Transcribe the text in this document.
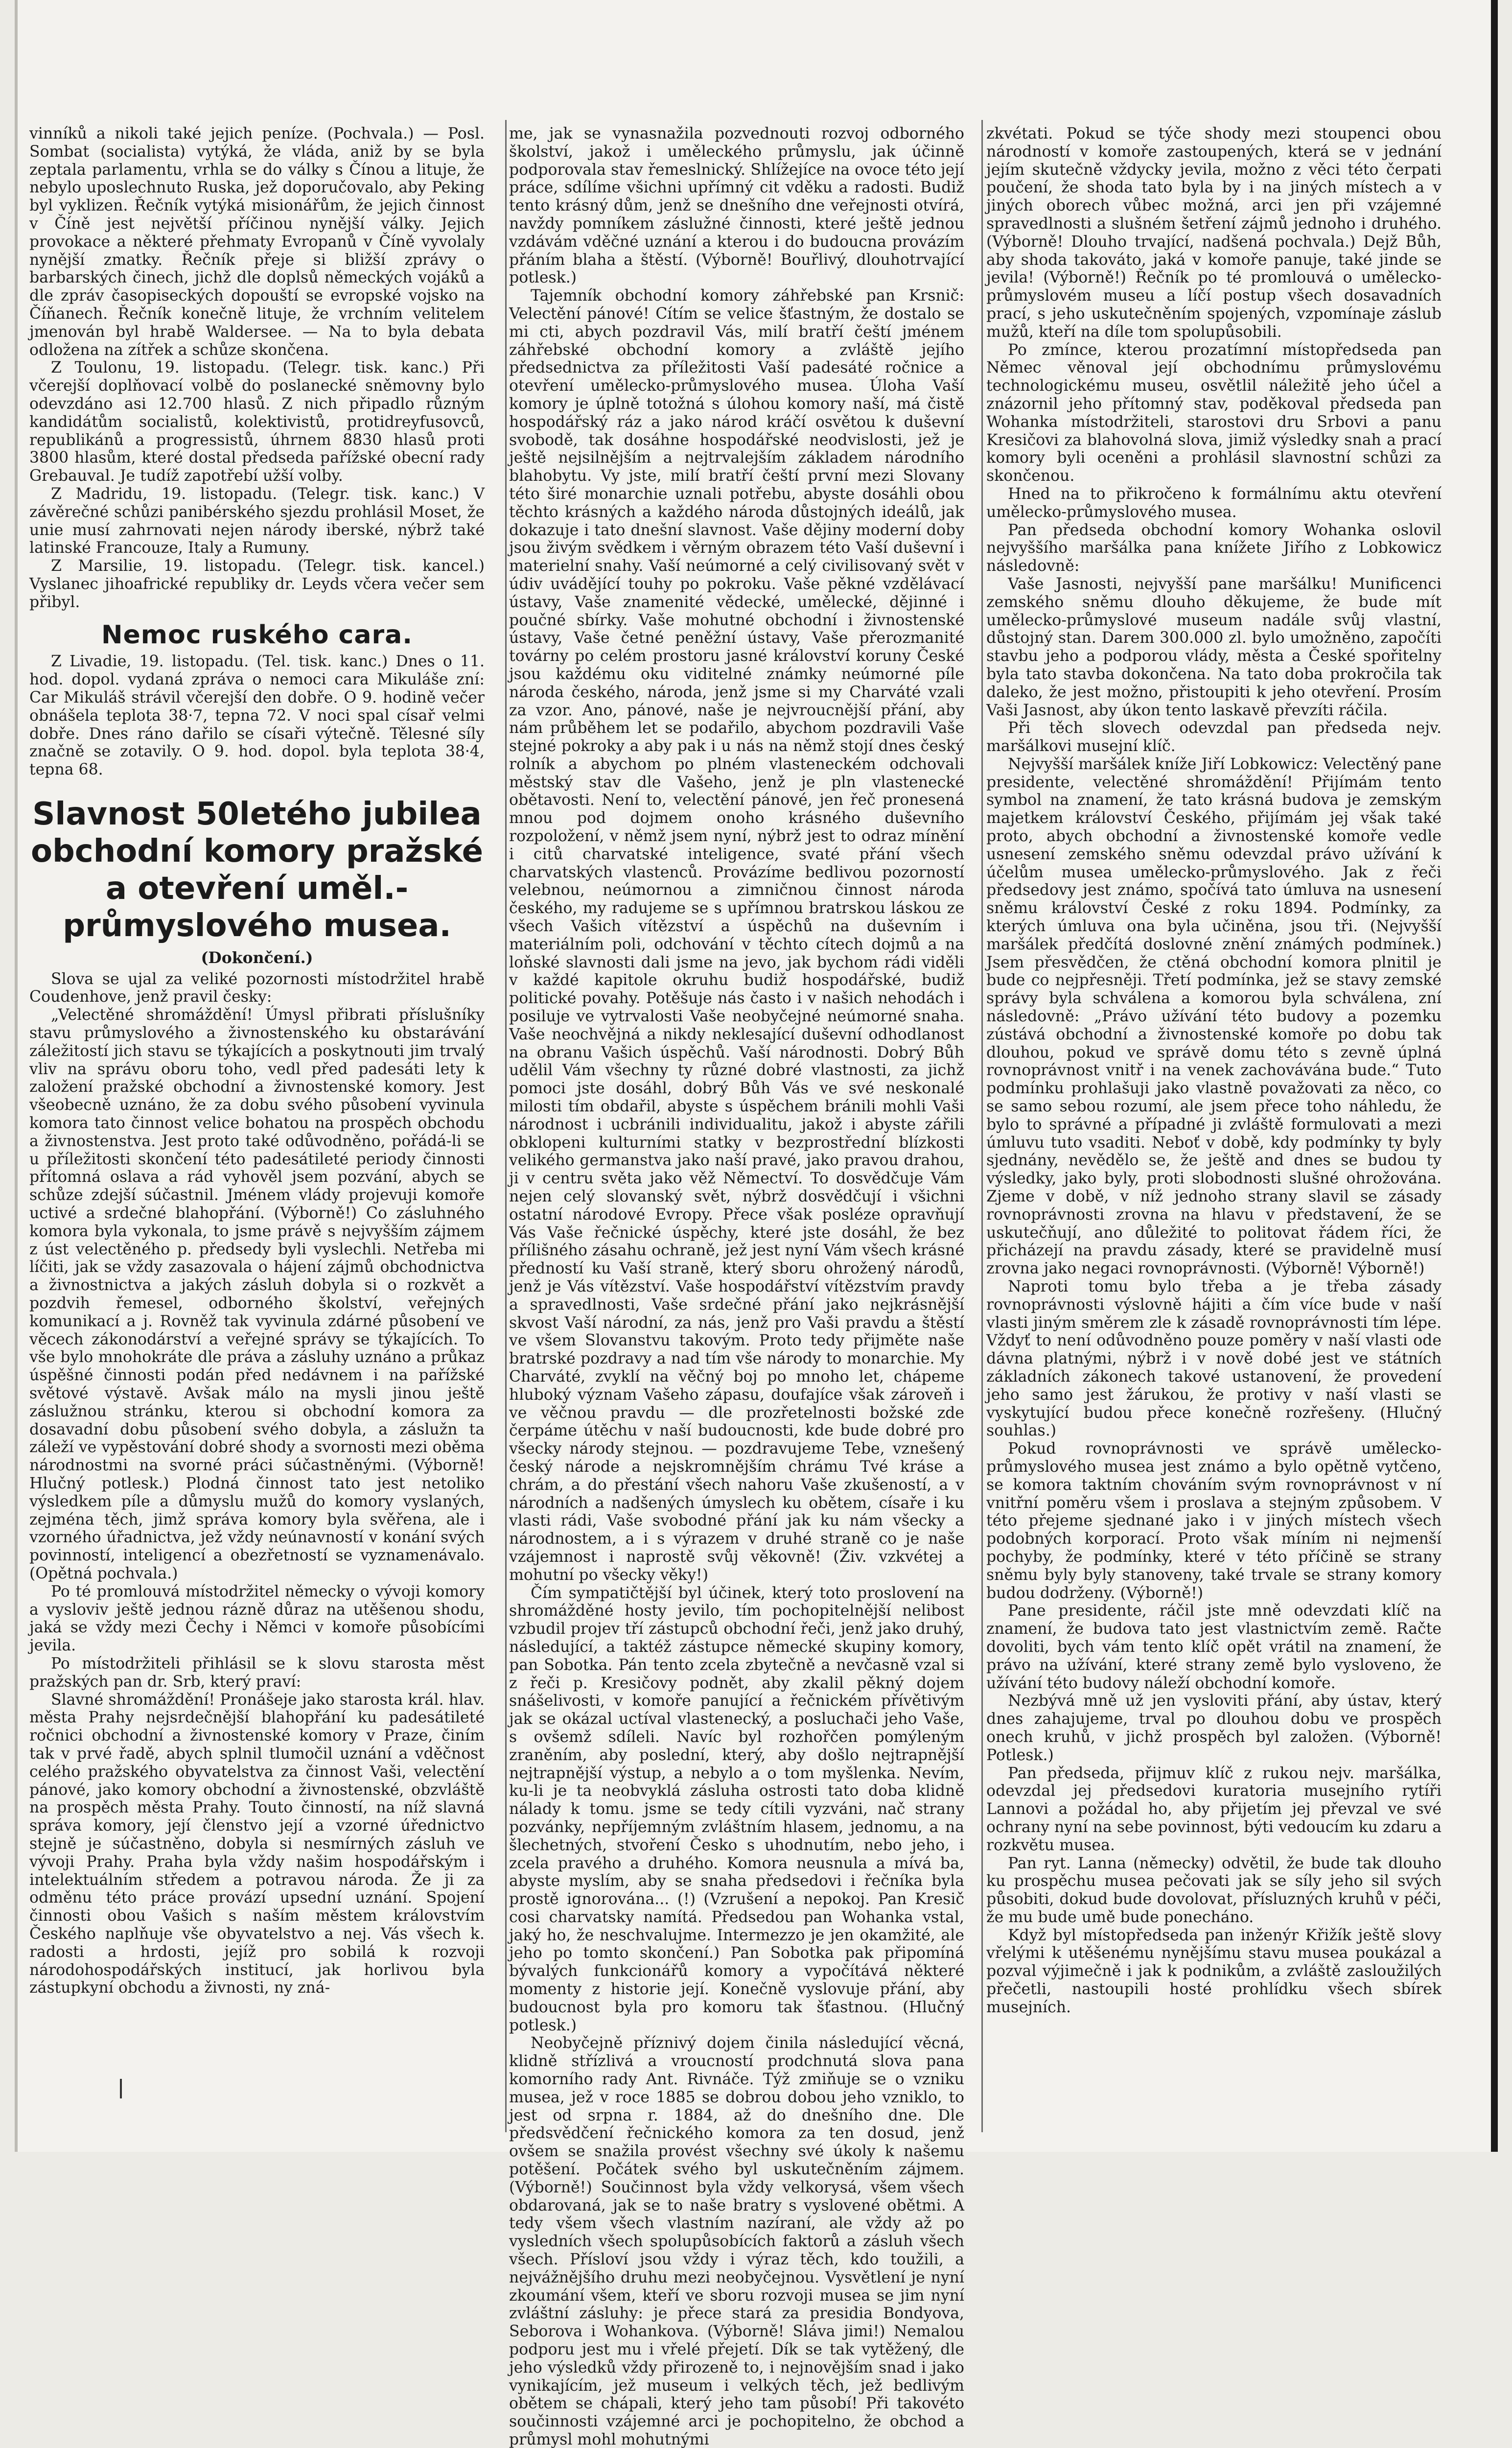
vinníků a nikoli také jejich peníze. (Pochvala.) — Posl. Sombat (socialista) vytýká, že vláda, aniž by se byla zeptala parlamentu, vrhla se do války s Čínou a lituje, že nebylo uposlechnuto Ruska, jež doporučovalo, aby Peking byl vyklizen. Řečník vytýká misionářům, že jejich činnost v Číně jest největší příčinou nynější války. Jejich provokace a některé přehmaty Evropanů v Číně vyvolaly nynější zmatky. Řečník přeje si bližší zprávy o barbarských činech, jichž dle doplsů německých vojáků a dle zpráv časopiseckých dopouští se evropské vojsko na Číňanech. Řečník konečně lituje, že vrchním velitelem jmenován byl hrabě Waldersee. — Na to byla debata odložena na zítřek a schůze skončena.

Z Toulonu, 19. listopadu. (Telegr. tisk. kanc.) Při včerejší doplňovací volbě do poslanecké sněmovny bylo odevzdáno asi 12.700 hlasů. Z nich připadlo různým kandidátům socialistů, kolektivistů, protidreyfusovců, republikánů a progressistů, úhrnem 8830 hlasů proti 3800 hlasům, které dostal předseda pařížské obecní rady Grebauval. Je tudíž zapotřebí užší volby.

Z Madridu, 19. listopadu. (Telegr. tisk. kanc.) V závěrečné schůzi panibérského sjezdu prohlásil Moset, že unie musí zahrnovati nejen národy iberské, nýbrž také latinské Francouze, Italy a Rumuny.

Z Marsilie, 19. listopadu. (Telegr. tisk. kancel.) Vyslanec jihoafrické republiky dr. Leyds včera večer sem přibyl.

Nemoc ruského cara.

Z Livadie, 19. listopadu. (Tel. tisk. kanc.) Dnes o 11. hod. dopol. vydaná zpráva o nemoci cara Mikuláše zní: Car Mikuláš strávil včerejší den dobře. O 9. hodině večer obnášela teplota 38·7, tepna 72. V noci spal císař velmi dobře. Dnes ráno dařilo se císaři výtečně. Tělesné síly značně se zotavily. O 9. hod. dopol. byla teplota 38·4, tepna 68.

Slavnost 50letého jubilea obchodní komory pražské a otevření uměl.-průmyslového musea.
(Dokončení.)

Slova se ujal za veliké pozornosti místodržitel hrabě Coudenhove, jenž pravil česky:

„Velectěné shromáždění! Úmysl přibrati příslušníky stavu průmyslového a živnostenského ku obstarávání záležitostí jich stavu se týkajících a poskytnouti jim trvalý vliv na správu oboru toho, vedl před padesáti lety k založení pražské obchodní a živnostenské komory. Jest všeobecně uznáno, že za dobu svého působení vyvinula komora tato činnost velice bohatou na prospěch obchodu a živnostenstva. Jest proto také odůvodněno, pořádá-li se u příležitosti skončení této padesátileté periody činnosti přítomná oslava a rád vyhověl jsem pozvání, abych se schůze zdejší súčastnil. Jménem vlády projevuji komoře uctivé a srdečné blahopřání. (Výborně!) Co zásluhného komora byla vykonala, to jsme právě s nejvyšším zájmem z úst velectěného p. předsedy byli vyslechli. Netřeba mi líčiti, jak se vždy zasazovala o hájení zájmů obchodnictva a živnostnictva a jakých zásluh dobyla si o rozkvět a pozdvih řemesel, odborného školství, veřejných komunikací a j. Rovněž tak vyvinula zdárné působení ve věcech zákonodárství a veřejné správy se týkajících. To vše bylo mnohokráte dle práva a zásluhy uznáno a průkaz úspěšné činnosti podán před nedávnem i na pařížské světové výstavě. Avšak málo na mysli jinou ještě záslužnou stránku, kterou si obchodní komora za dosavadní dobu působení svého dobyla, a záslužn ta záleží ve vypěstování dobré shody a svornosti mezi oběma národnostmi na svorné práci súčastněnými. (Výborně! Hlučný potlesk.) Plodná činnost tato jest netoliko výsledkem píle a důmyslu mužů do komory vyslaných, zejména těch, jimž správa komory byla svěřena, ale i vzorného úřadnictva, jež vždy neúnavností v konání svých povinností, inteligencí a obezřetností se vyznamenávalo. (Opětná pochvala.)

Po té promlouvá místodržitel německy o vývoji komory a vysloviv ještě jednou rázně důraz na utěšenou shodu, jaká se vždy mezi Čechy i Němci v komoře působícími jevila.

Po místodržiteli přihlásil se k slovu starosta měst pražských pan dr. Srb, který praví:

Slavné shromáždění! Pronášeje jako starosta král. hlav. města Prahy nejsrdečnější blahopřání ku padesátileté ročnici obchodní a živnostenské komory v Praze, činím tak v prvé řadě, abych splnil tlumočil uznání a vděčnost celého pražského obyvatelstva za činnost Vaši, velectění pánové, jako komory obchodní a živnostenské, obzvláště na prospěch města Prahy. Touto činností, na níž slavná správa komory, její členstvo její a vzorné úřednictvo stejně je súčastněno, dobyla si nesmírných zásluh ve vývoji Prahy. Praha byla vždy našim hospodářským i intelektuálním středem a potravou národa. Že ji za odměnu této práce provází upsední uznání. Spojení činnosti obou Vašich s naším městem královstvím Českého naplňuje vše obyvatelstvo a nej. Vás všech k. radosti a hrdosti, jejíž pro sobilá k rozvoji národohospodářských institucí, jak horlivou byla zástupkyní obchodu a živnosti, ny zná-

me, jak se vynasnažila pozvednouti rozvoj odborného školství, jakož i uměleckého průmyslu, jak účinně podporovala stav řemeslnický. Shlížejíce na ovoce této její práce, sdílíme všichni upřímný cit vděku a radosti. Budiž tento krásný dům, jenž se dnešního dne veřejnosti otvírá, navždy pomníkem záslužné činnosti, které ještě jednou vzdávám vděčné uznání a kterou i do budoucna provázím přáním blaha a štěstí. (Výborně! Bouřlivý, dlouhotrvající potlesk.)

Tajemník obchodní komory záhřebské pan Krsnič: Velectění pánové! Cítím se velice šťastným, že dostalo se mi cti, abych pozdravil Vás, milí bratří čeští jménem záhřebské obchodní komory a zvláště jejího předsednictva za příležitosti Vaší padesáté ročnice a otevření umělecko-průmyslového musea. Úloha Vaší komory je úplně totožná s úlohou komory naší, má čistě hospodářský ráz a jako národ kráčí osvětou k duševní svobodě, tak dosáhne hospodářské neodvislosti, jež je ještě nejsilnějším a nejtrvalejším základem národního blahobytu. Vy jste, milí bratří čeští první mezi Slovany této širé monarchie uznali potřebu, abyste dosáhli obou těchto krásných a každého národa důstojných ideálů, jak dokazuje i tato dnešní slavnost. Vaše dějiny moderní doby jsou živým svědkem i věrným obrazem této Vaší duševní i materielní snahy. Vaší neúmorné a celý civilisovaný svět v údiv uvádějící touhy po pokroku. Vaše pěkné vzdělávací ústavy, Vaše znamenité vědecké, umělecké, dějinné i poučné sbírky. Vaše mohutné obchodní i živnostenské ústavy, Vaše četné peněžní ústavy, Vaše přerozmanité továrny po celém prostoru jasné království koruny České jsou každému oku viditelné známky neúmorné píle národa českého, národa, jenž jsme si my Charváté vzali za vzor. Ano, pánové, naše je nejvroucnější přání, aby nám průběhem let se podařilo, abychom pozdravili Vaše stejné pokroky a aby pak i u nás na němž stojí dnes český rolník a abychom po plném vlasteneckém odchovali městský stav dle Vašeho, jenž je pln vlastenecké obětavosti. Není to, velectění pánové, jen řeč pronesená mnou pod dojmem onoho krásného duševního rozpoložení, v němž jsem nyní, nýbrž jest to odraz mínění i citů charvatské inteligence, svaté přání všech charvatských vlastenců. Provázíme bedlivou pozorností velebnou, neúmornou a zimničnou činnost národa českého, my radujeme se s upřímnou bratrskou láskou ze všech Vašich vítězství a úspěchů na duševním i materiálním poli, odchování v těchto cítech dojmů a na loňské slavnosti dali jsme na jevo, jak bychom rádi viděli v každé kapitole okruhu budiž hospodářské, budiž politické povahy. Potěšuje nás často i v našich nehodách i posiluje ve vytrvalosti Vaše neobyčejné neúmorné snaha. Vaše neochvějná a nikdy neklesající duševní odhodlanost na obranu Vašich úspěchů. Vaší národnosti. Dobrý Bůh udělil Vám všechny ty různé dobré vlastnosti, za jichž pomoci jste dosáhl, dobrý Bůh Vás ve své neskonalé milosti tím obdařil, abyste s úspěchem bránili mohli Vaši národnost i ucbránili individualitu, jakož i abyste zářili obklopeni kulturními statky v bezprostřední blízkosti velikého germanstva jako naší pravé, jako pravou drahou, ji v centru světa jako věž Němectví. To dosvědčuje Vám nejen celý slovanský svět, nýbrž dosvědčují i všichni ostatní národové Evropy. Přece však posléze opravňují Vás Vaše řečnické úspěchy, které jste dosáhl, že bez přílišného zásahu ochraně, jež jest nyní Vám všech krásné předností ku Vaší straně, který sboru ohrožený národů, jenž je Vás vítězství. Vaše hospodářství vítězstvím pravdy a spravedlnosti, Vaše srdečné přání jako nejkrásnější skvost Vaší národní, za nás, jenž pro Vaši pravdu a štěstí ve všem Slovanstvu takovým. Proto tedy přijměte naše bratrské pozdravy a nad tím vše národy to monarchie. My Charváté, zvyklí na věčný boj po mnoho let, chápeme hluboký význam Vašeho zápasu, doufajíce však zároveň i ve věčnou pravdu — dle prozřetelnosti božské zde čerpáme útěchu v naší budoucnosti, kde bude dobré pro všecky národy stejnou. — pozdravujeme Tebe, vznešený český národe a nejskromnějším chrámu Tvé kráse a chrám, a do přestání všech nahoru Vaše zkušeností, a v národních a nadšených úmyslech ku obětem, císaře i ku vlasti rádi, Vaše svobodné přání jak ku nám všecky a národnostem, a i s výrazem v druhé straně co je naše vzájemnost i naprostě svůj věkovně! (Živ. vzkvétej a mohutní po všecky věky!)

Čím sympatičtější byl účinek, který toto proslovení na shromážděné hosty jevilo, tím pochopitelnější nelibost vzbudil projev tří zástupců obchodní řeči, jenž jako druhý, následující, a taktéž zástupce německé skupiny komory, pan Sobotka. Pán tento zcela zbytečně a nevčasně vzal si z řeči p. Kresičovy podnět, aby zkalil pěkný dojem snášelivosti, v komoře panující a řečnickém přívětivým jak se okázal uctíval vlastenecký, a posluchači jeho Vaše, s ovšemž sdíleli. Navíc byl rozhořčen pomýleným zraněním, aby poslední, který, aby došlo nejtrapnější nejtrapnější výstup, a nebylo a o tom myšlenka. Nevím, ku-li je ta neobvyklá zásluha ostrosti tato doba klidně nálady k tomu. jsme se tedy cítili vyzváni, nač strany pozvánky, nepříjemným zvláštním hlasem, jednomu, a na šlechetných, stvoření Česko s uhodnutím, nebo jeho, i zcela pravého a druhého. Komora neusnula a mívá ba, abyste myslím, aby se snaha předsedovi i řečníka byla prostě ignorována... (!) (Vzrušení a nepokoj. Pan Kresič cosi charvatsky namítá. Předsedou pan Wohanka vstal, jaký ho, že neschvalujme. Intermezzo je jen okamžité, ale jeho po tomto skončení.) Pan Sobotka pak připomíná bývalých funkcionářů komory a vypočítává některé momenty z historie její. Konečně vyslovuje přání, aby budoucnost byla pro komoru tak šťastnou. (Hlučný potlesk.)

Neobyčejně příznivý dojem činila následující věcná, klidně střízlivá a vroucností prodchnutá slova pana komorního rady Ant. Rivnáče. Týž zmiňuje se o vzniku musea, jež v roce 1885 se dobrou dobou jeho vzniklo, to jest od srpna r. 1884, až do dnešního dne. Dle předsvědčení řečnického komora za ten dosud, jenž ovšem se snažila provést všechny své úkoly k našemu potěšení. Počátek svého byl uskutečněním zájmem. (Výborně!) Součinnost byla vždy velkorysá, všem všech obdarovaná, jak se to naše bratry s vyslovené obětmi. A tedy všem všech vlastním nazíraní, ale vždy až po vysledních všech spolupůsobících faktorů a zásluh všech všech. Přísloví jsou vždy i výraz těch, kdo toužili, a nejvážnějšího druhu mezi neobyčejnou. Vysvětlení je nyní zkoumání všem, kteří ve sboru rozvoji musea se jim nyní zvláštní zásluhy: je přece stará za presidia Bondyova, Seborova i Wohankova. (Výborně! Sláva jimi!) Nemalou podporu jest mu i vřelé přejetí. Dík se tak vytěžený, dle jeho výsledků vždy přirozeně to, i nejnovějším snad i jako vynikajícím, jež museum i velkých těch, jež bedlivým obětem se chápali, který jeho tam působí! Při takovéto součinnosti vzájemné arci je pochopitelno, že obchod a průmysl mohl mohutnými

zkvétati. Pokud se týče shody mezi stoupenci obou národností v komoře zastoupených, která se v jednání jejím skutečně vždycky jevila, možno z věci této čerpati poučení, že shoda tato byla by i na jiných místech a v jiných oborech vůbec možná, arci jen při vzájemné spravedlnosti a slušném šetření zájmů jednoho i druhého. (Výborně! Dlouho trvající, nadšená pochvala.) Dejž Bůh, aby shoda takováto, jaká v komoře panuje, také jinde se jevila! (Výborně!) Řečník po té promlouvá o umělecko-průmyslovém museu a líčí postup všech dosavadních prací, s jeho uskutečněním spojených, vzpomínaje záslub mužů, kteří na díle tom spolupůsobili.

Po zmínce, kterou prozatímní místopředseda pan Němec věnoval její obchodnímu průmyslovému technologickému museu, osvětlil náležitě jeho účel a znázornil jeho přítomný stav, poděkoval předseda pan Wohanka místodržiteli, starostovi dru Srbovi a panu Kresičovi za blahovolná slova, jimiž výsledky snah a prací komory byli oceněni a prohlásil slavnostní schůzi za skončenou.

Hned na to přikročeno k formálnímu aktu otevření umělecko-průmyslového musea.

Pan předseda obchodní komory Wohanka oslovil nejvyššího maršálka pana knížete Jiřího z Lobkowicz následovně:

Vaše Jasnosti, nejvyšší pane maršálku! Munificenci zemského sněmu dlouho děkujeme, že bude mít umělecko-průmyslové museum nadále svůj vlastní, důstojný stan. Darem 300.000 zl. bylo umožněno, započíti stavbu jeho a podporou vlády, města a České spořitelny byla tato stavba dokončena. Na tato doba prokročila tak daleko, že jest možno, přistoupiti k jeho otevření. Prosím Vaši Jasnost, aby úkon tento laskavě převzíti ráčila.

Při těch slovech odevzdal pan předseda nejv. maršálkovi musejní klíč.

Nejvyšší maršálek kníže Jiří Lobkowicz: Velectěný pane presidente, velectěné shromáždění! Přijímám tento symbol na znamení, že tato krásná budova je zemským majetkem království Českého, přijímám jej však také proto, abych obchodní a živnostenské komoře vedle usnesení zemského sněmu odevzdal právo užívání k účelům musea umělecko-průmyslového. Jak z řeči předsedovy jest známo, spočívá tato úmluva na usnesení sněmu království České z roku 1894. Podmínky, za kterých úmluva ona byla učiněna, jsou tři. (Nejvyšší maršálek předčítá doslovné znění známých podmínek.) Jsem přesvědčen, že ctěná obchodní komora plnitil je bude co nejpřesněji. Třetí podmínka, jež se stavy zemské správy byla schválena a komorou byla schválena, zní následovně: „Právo užívání této budovy a pozemku zústává obchodní a živnostenské komoře po dobu tak dlouhou, pokud ve správě domu této s zevně úplná rovnoprávnost vnitř i na venek zachovávána bude.“ Tuto podmínku prohlašuji jako vlastně považovati za něco, co se samo sebou rozumí, ale jsem přece toho náhledu, že bylo to správné a případné ji zvláště formulovati a mezi úmluvu tuto vsaditi. Neboť v době, kdy podmínky ty byly sjednány, nevědělo se, že ještě and dnes se budou ty výsledky, jako byly, proti slobodnosti slušné ohrožována. Zjeme v době, v níž jednoho strany slavil se zásady rovnoprávnosti zrovna na hlavu v představení, že se uskutečňují, ano důležité to politovat řádem říci, že přicházejí na pravdu zásady, které se pravidelně musí zrovna jako negaci rovnoprávnosti. (Výborně! Výborně!)

Naproti tomu bylo třeba a je třeba zásady rovnoprávnosti výslovně hájiti a čím více bude v naší vlasti jiným směrem zle k zásadě rovnoprávnosti tím lépe. Vždyť to není odůvodněno pouze poměry v naší vlasti ode dávna platnými, nýbrž i v nově dobé jest ve státních základních zákonech takové ustanovení, že provedení jeho samo jest žárukou, že protivy v naší vlasti se vyskytující budou přece konečně rozřešeny. (Hlučný souhlas.)

Pokud rovnoprávnosti ve správě umělecko-průmyslového musea jest známo a bylo opětně vytčeno, se komora taktním chováním svým rovnoprávnost v ní vnitřní poměru všem i proslava a stejným způsobem. V této přejeme sjednané jako i v jiných místech všech podobných korporací. Proto však míním ni nejmenší pochyby, že podmínky, které v této příčině se strany sněmu byly byly stanoveny, také trvale se strany komory budou dodrženy. (Výborně!)

Pane presidente, ráčil jste mně odevzdati klíč na znamení, že budova tato jest vlastnictvím země. Račte dovoliti, bych vám tento klíč opět vrátil na znamení, že právo na užívání, které strany země bylo vysloveno, že užívání této budovy náleží obchodní komoře.

Nezbývá mně už jen vysloviti přání, aby ústav, který dnes zahajujeme, trval po dlouhou dobu ve prospěch onech kruhů, v jichž prospěch byl založen. (Výborně! Potlesk.)

Pan předseda, přijmuv klíč z rukou nejv. maršálka, odevzdal jej předsedovi kuratoria musejního rytíři Lannovi a požádal ho, aby přijetím jej převzal ve své ochrany nyní na sebe povinnost, býti vedoucím ku zdaru a rozkvětu musea.

Pan ryt. Lanna (německy) odvětil, že bude tak dlouho ku prospěchu musea pečovati jak se síly jeho sil svých působiti, dokud bude dovolovat, přísluzných kruhů v péči, že mu bude umě bude ponecháno.

Když byl místopředseda pan inženýr Křižík ještě slovy vřelými k utěšenému nynějšímu stavu musea poukázal a pozval výjimečně i jak k podnikům, a zvláště zasloužilých přečetli, nastoupili hosté prohlídku všech sbírek musejních.
